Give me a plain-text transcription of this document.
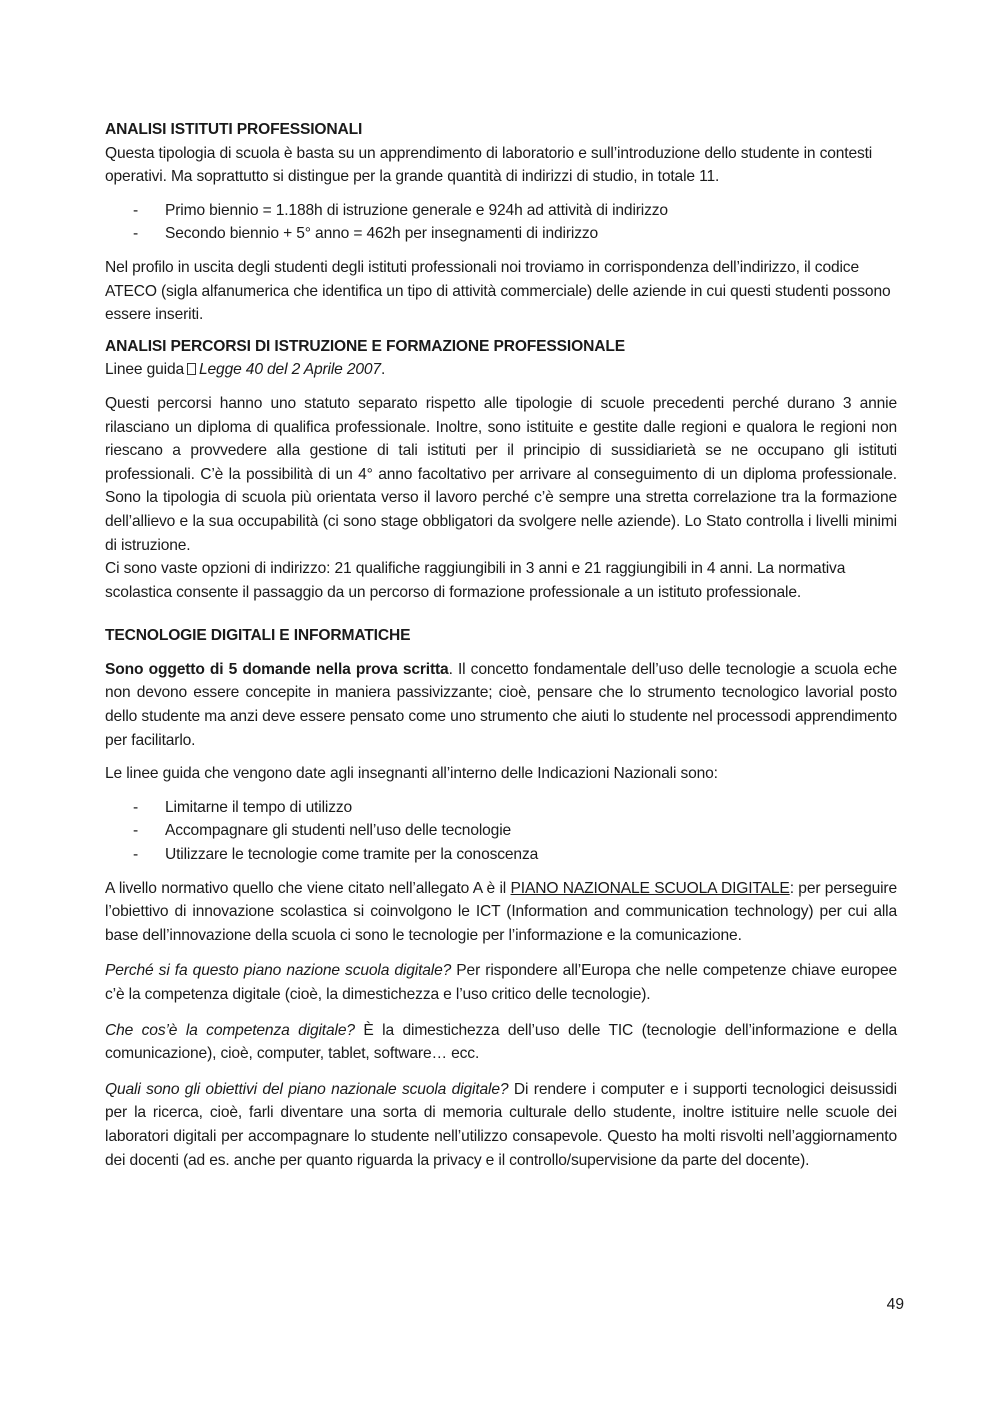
ANALISI ISTITUTI PROFESSIONALI

Questa tipologia di scuola è basta su un apprendimento di laboratorio e sull’introduzione dello studente in contesti operativi. Ma soprattutto si distingue per la grande quantità di indirizzi di studio, in totale 11.

- Primo biennio = 1.188h di istruzione generale e 924h ad attività di indirizzo
- Secondo biennio + 5° anno = 462h per insegnamenti di indirizzo

Nel profilo in uscita degli studenti degli istituti professionali noi troviamo in corrispondenza dell’indirizzo, il codice ATECO (sigla alfanumerica che identifica un tipo di attività commerciale) delle aziende in cui questi studenti possono essere inseriti.

ANALISI PERCORSI DI ISTRUZIONE E FORMAZIONE PROFESSIONALE

Linee guida Legge 40 del 2 Aprile 2007.

Questi percorsi hanno uno statuto separato rispetto alle tipologie di scuole precedenti perché durano 3 annie rilasciano un diploma di qualifica professionale. Inoltre, sono istituite e gestite dalle regioni e qualora le regioni non riescano a provvedere alla gestione di tali istituti per il principio di sussidiarietà se ne occupano gli istituti professionali. C’è la possibilità di un 4° anno facoltativo per arrivare al conseguimento di un diploma professionale. Sono la tipologia di scuola più orientata verso il lavoro perché c’è sempre una stretta correlazione tra la formazione dell’allievo e la sua occupabilità (ci sono stage obbligatori da svolgere nelle aziende). Lo Stato controlla i livelli minimi di istruzione.

Ci sono vaste opzioni di indirizzo: 21 qualifiche raggiungibili in 3 anni e 21 raggiungibili in 4 anni. La normativa scolastica consente il passaggio da un percorso di formazione professionale a un istituto professionale.

TECNOLOGIE DIGITALI E INFORMATICHE

Sono oggetto di 5 domande nella prova scritta. Il concetto fondamentale dell’uso delle tecnologie a scuola eche non devono essere concepite in maniera passivizzante; cioè, pensare che lo strumento tecnologico lavorial posto dello studente ma anzi deve essere pensato come uno strumento che aiuti lo studente nel processodi apprendimento per facilitarlo.

Le linee guida che vengono date agli insegnanti all’interno delle Indicazioni Nazionali sono:

- Limitarne il tempo di utilizzo
- Accompagnare gli studenti nell’uso delle tecnologie
- Utilizzare le tecnologie come tramite per la conoscenza

A livello normativo quello che viene citato nell’allegato A è il PIANO NAZIONALE SCUOLA DIGITALE: per perseguire l’obiettivo di innovazione scolastica si coinvolgono le ICT (Information and communication technology) per cui alla base dell’innovazione della scuola ci sono le tecnologie per l’informazione e la comunicazione.

Perché si fa questo piano nazione scuola digitale? Per rispondere all’Europa che nelle competenze chiave europee c’è la competenza digitale (cioè, la dimestichezza e l’uso critico delle tecnologie).

Che cos’è la competenza digitale? È la dimestichezza dell’uso delle TIC (tecnologie dell’informazione e della comunicazione), cioè, computer, tablet, software… ecc.

Quali sono gli obiettivi del piano nazionale scuola digitale? Di rendere i computer e i supporti tecnologici deisussidi per la ricerca, cioè, farli diventare una sorta di memoria culturale dello studente, inoltre istituire nelle scuole dei laboratori digitali per accompagnare lo studente nell’utilizzo consapevole. Questo ha molti risvolti nell’aggiornamento dei docenti (ad es. anche per quanto riguarda la privacy e il controllo/supervisione da parte del docente).

49
